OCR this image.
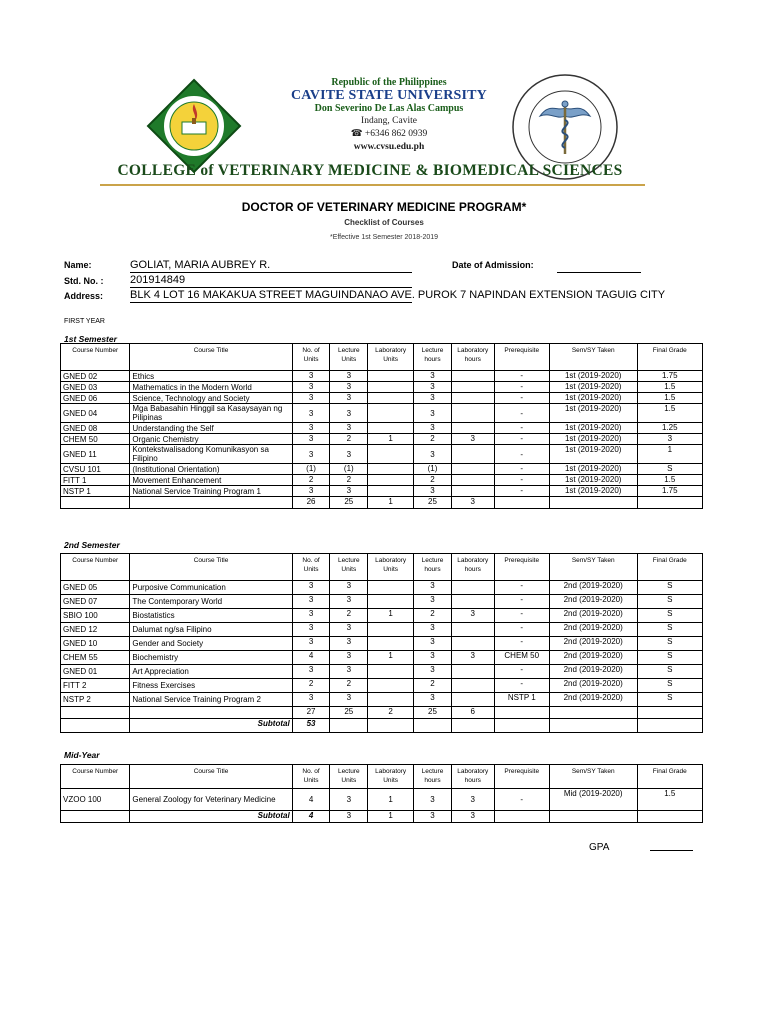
Republic of the Philippines
CAVITE STATE UNIVERSITY
Don Severino De Las Alas Campus
Indang, Cavite
☎ +6346 862 0939
www.cvsu.edu.ph
COLLEGE of VETERINARY MEDICINE & BIOMEDICAL SCIENCES
DOCTOR OF VETERINARY MEDICINE PROGRAM*
Checklist of Courses
*Effective 1st Semester 2018-2019
Name:	GOLIAT, MARIA AUBREY R.	Date of Admission:
Std. No. : 201914849
Address: BLK 4 LOT 16 MAKAKUA STREET MAGUINDANAO AVE. PUROK 7 NAPINDAN EXTENSION TAGUIG CITY
FIRST YEAR
1st Semester
Course Number	Course Title	No. of Units	Lecture Units	Laboratory Units	Lecture hours	Laboratory hours	Prerequisite	Sem/SY Taken	Final Grade
GNED 02	Ethics	3	3		3		-	1st (2019-2020)	1.75
GNED 03	Mathematics in the Modern World	3	3		3		-	1st (2019-2020)	1.5
GNED 06	Science, Technology and Society	3	3		3		-	1st (2019-2020)	1.5
GNED 04	Mga Babasahin Hinggil sa Kasaysayan ng Pilipinas	3	3		3		-	1st (2019-2020)	1.5
GNED 08	Understanding the Self	3	3		3		-	1st (2019-2020)	1.25
CHEM 50	Organic Chemistry	3	2	1	2	3	-	1st (2019-2020)	3
GNED 11	Kontekstwalisadong Komunikasyon sa Filipino	3	3		3		-	1st (2019-2020)	1
CVSU 101	(Institutional Orientation)	(1)	(1)		(1)		-	1st (2019-2020)	S
FITT 1	Movement Enhancement	2	2		2		-	1st (2019-2020)	1.5
NSTP 1	National Service Training Program 1	3	3		3		-	1st (2019-2020)	1.75
		26	25	1	25	3			
2nd Semester
Course Number	Course Title	No. of Units	Lecture Units	Laboratory Units	Lecture hours	Laboratory hours	Prerequisite	Sem/SY Taken	Final Grade
GNED 05	Purposive Communication	3	3		3		-	2nd (2019-2020)	S
GNED 07	The Contemporary World	3	3		3		-	2nd (2019-2020)	S
SBIO 100	Biostatistics	3	2	1	2	3	-	2nd (2019-2020)	S
GNED 12	Dalumat ng/sa Filipino	3	3		3		-	2nd (2019-2020)	S
GNED 10	Gender and Society	3	3		3		-	2nd (2019-2020)	S
CHEM 55	Biochemistry	4	3	1	3	3	CHEM 50	2nd (2019-2020)	S
GNED 01	Art Appreciation	3	3		3		-	2nd (2019-2020)	S
FITT 2	Fitness Exercises	2	2		2		-	2nd (2019-2020)	S
NSTP 2	National Service Training Program 2	3	3		3		NSTP 1	2nd (2019-2020)	S
		27	25	2	25	6			
	Subtotal	53							
Mid-Year
Course Number	Course Title	No. of Units	Lecture Units	Laboratory Units	Lecture hours	Laboratory hours	Prerequisite	Sem/SY Taken	Final Grade
VZOO 100	General Zoology for Veterinary Medicine	4	3	1	3	3	-	Mid (2019-2020)	1.5
	Subtotal	4	3	1	3	3			
GPA
